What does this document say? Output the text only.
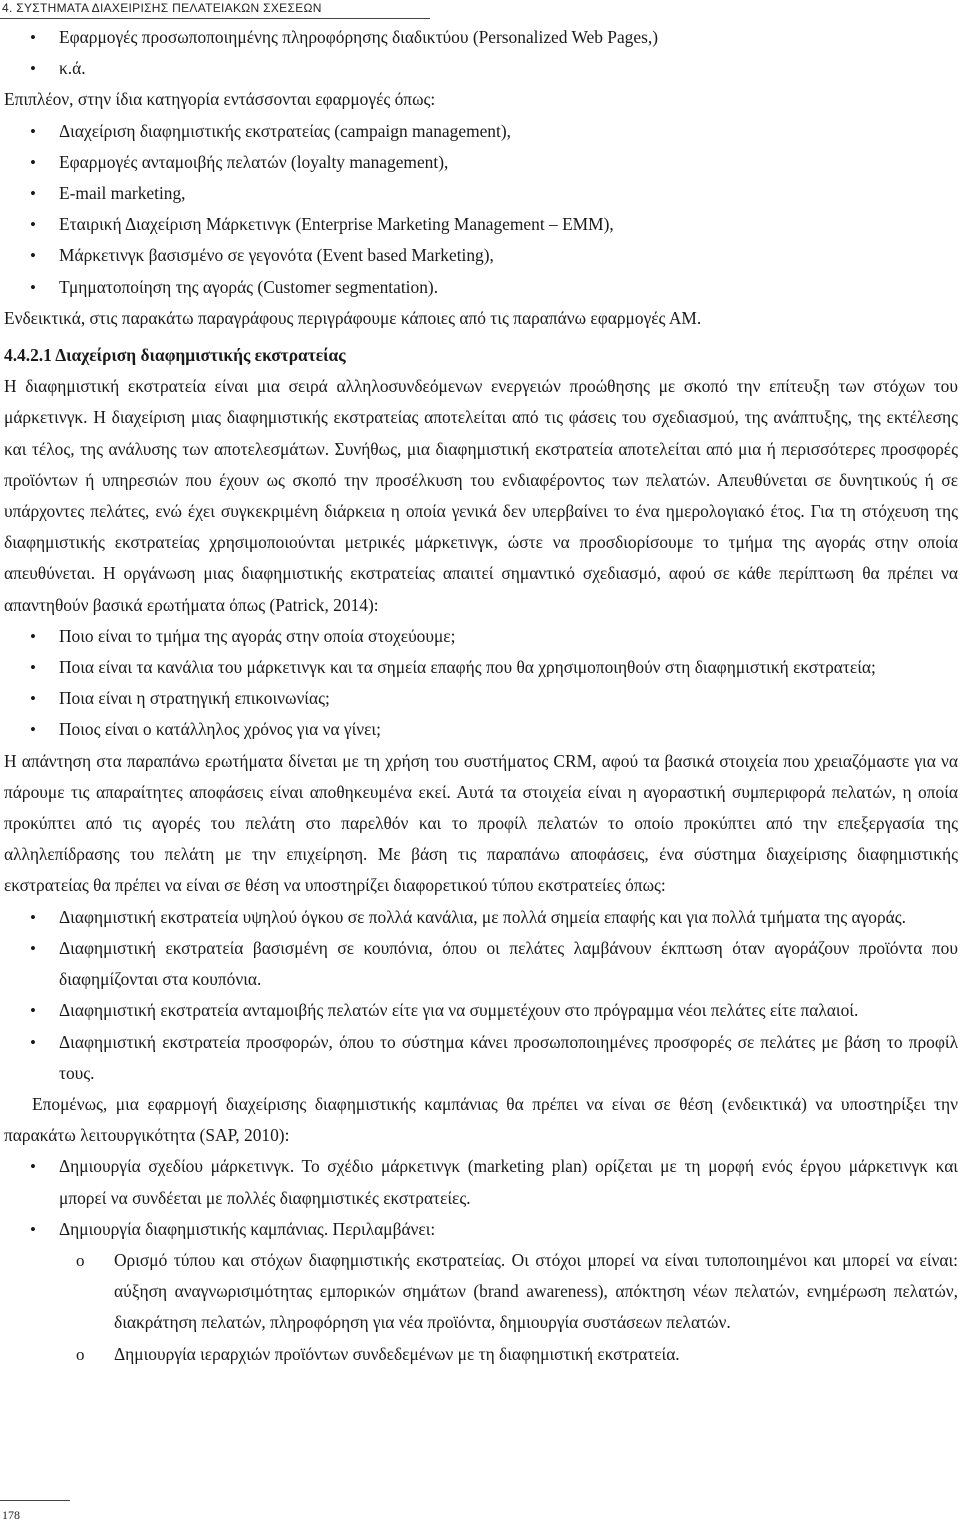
4. ΣΥΣΤΗΜΑΤΑ ΔΙΑΧΕΙΡΙΣΗΣ ΠΕΛΑΤΕΙΑΚΩΝ ΣΧΕΣΕΩΝ
• Εφαρμογές προσωποποιημένης πληροφόρησης διαδικτύου (Personalized Web Pages,)
• κ.ά.

Επιπλέον, στην ίδια κατηγορία εντάσσονται εφαρμογές όπως:

• Διαχείριση διαφημιστικής εκστρατείας (campaign management),
• Εφαρμογές ανταμοιβής πελατών (loyalty management),
• E-mail marketing,
• Εταιρική Διαχείριση Μάρκετινγκ (Enterprise Marketing Management – EMM),
• Μάρκετινγκ βασισμένο σε γεγονότα (Event based Marketing),
• Τμηματοποίηση της αγοράς (Customer segmentation).

Ενδεικτικά, στις παρακάτω παραγράφους περιγράφουμε κάποιες από τις παραπάνω εφαρμογές ΑΜ.

4.4.2.1 Διαχείριση διαφημιστικής εκστρατείας

Η διαφημιστική εκστρατεία είναι μια σειρά αλληλοσυνδεόμενων ενεργειών προώθησης με σκοπό την επίτευξη των στόχων του μάρκετινγκ. Η διαχείριση μιας διαφημιστικής εκστρατείας αποτελείται από τις φάσεις του σχεδιασμού, της ανάπτυξης, της εκτέλεσης και τέλος, της ανάλυσης των αποτελεσμάτων. Συνήθως, μια διαφημιστική εκστρατεία αποτελείται από μια ή περισσότερες προσφορές προϊόντων ή υπηρεσιών που έχουν ως σκοπό την προσέλκυση του ενδιαφέροντος των πελατών. Απευθύνεται σε δυνητικούς ή σε υπάρχοντες πελάτες, ενώ έχει συγκεκριμένη διάρκεια η οποία γενικά δεν υπερβαίνει το ένα ημερολογιακό έτος. Για τη στόχευση της διαφημιστικής εκστρατείας χρησιμοποιούνται μετρικές μάρκετινγκ, ώστε να προσδιορίσουμε το τμήμα της αγοράς στην οποία απευθύνεται. Η οργάνωση μιας διαφημιστικής εκστρατείας απαιτεί σημαντικό σχεδιασμό, αφού σε κάθε περίπτωση θα πρέπει να απαντηθούν βασικά ερωτήματα όπως (Patrick, 2014):

• Ποιο είναι το τμήμα της αγοράς στην οποία στοχεύουμε;
• Ποια είναι τα κανάλια του μάρκετινγκ και τα σημεία επαφής που θα χρησιμοποιηθούν στη διαφημιστική εκστρατεία;
• Ποια είναι η στρατηγική επικοινωνίας;
• Ποιος είναι ο κατάλληλος χρόνος για να γίνει;

Η απάντηση στα παραπάνω ερωτήματα δίνεται με τη χρήση του συστήματος CRM, αφού τα βασικά στοιχεία που χρειαζόμαστε για να πάρουμε τις απαραίτητες αποφάσεις είναι αποθηκευμένα εκεί. Αυτά τα στοιχεία είναι η αγοραστική συμπεριφορά πελατών, η οποία προκύπτει από τις αγορές του πελάτη στο παρελθόν και το προφίλ πελατών το οποίο προκύπτει από την επεξεργασία της αλληλεπίδρασης του πελάτη με την επιχείρηση. Με βάση τις παραπάνω αποφάσεις, ένα σύστημα διαχείρισης διαφημιστικής εκστρατείας θα πρέπει να είναι σε θέση να υποστηρίζει διαφορετικού τύπου εκστρατείες όπως:

• Διαφημιστική εκστρατεία υψηλού όγκου σε πολλά κανάλια, με πολλά σημεία επαφής και για πολλά τμήματα της αγοράς.
• Διαφημιστική εκστρατεία βασισμένη σε κουπόνια, όπου οι πελάτες λαμβάνουν έκπτωση όταν αγοράζουν προϊόντα που διαφημίζονται στα κουπόνια.
• Διαφημιστική εκστρατεία ανταμοιβής πελατών είτε για να συμμετέχουν στο πρόγραμμα νέοι πελάτες είτε παλαιοί.
• Διαφημιστική εκστρατεία προσφορών, όπου το σύστημα κάνει προσωποποιημένες προσφορές σε πελάτες με βάση το προφίλ τους.

Επομένως, μια εφαρμογή διαχείρισης διαφημιστικής καμπάνιας θα πρέπει να είναι σε θέση (ενδεικτικά) να υποστηρίξει την παρακάτω λειτουργικότητα (SAP, 2010):

• Δημιουργία σχεδίου μάρκετινγκ. Το σχέδιο μάρκετινγκ (marketing plan) ορίζεται με τη μορφή ενός έργου μάρκετινγκ και μπορεί να συνδέεται με πολλές διαφημιστικές εκστρατείες.
• Δημιουργία διαφημιστικής καμπάνιας. Περιλαμβάνει:
o Ορισμό τύπου και στόχων διαφημιστικής εκστρατείας. Οι στόχοι μπορεί να είναι τυποποιημένοι και μπορεί να είναι: αύξηση αναγνωρισιμότητας εμπορικών σημάτων (brand awareness), απόκτηση νέων πελατών, ενημέρωση πελατών, διακράτηση πελατών, πληροφόρηση για νέα προϊόντα, δημιουργία συστάσεων πελατών.
o Δημιουργία ιεραρχιών προϊόντων συνδεδεμένων με τη διαφημιστική εκστρατεία.
178
